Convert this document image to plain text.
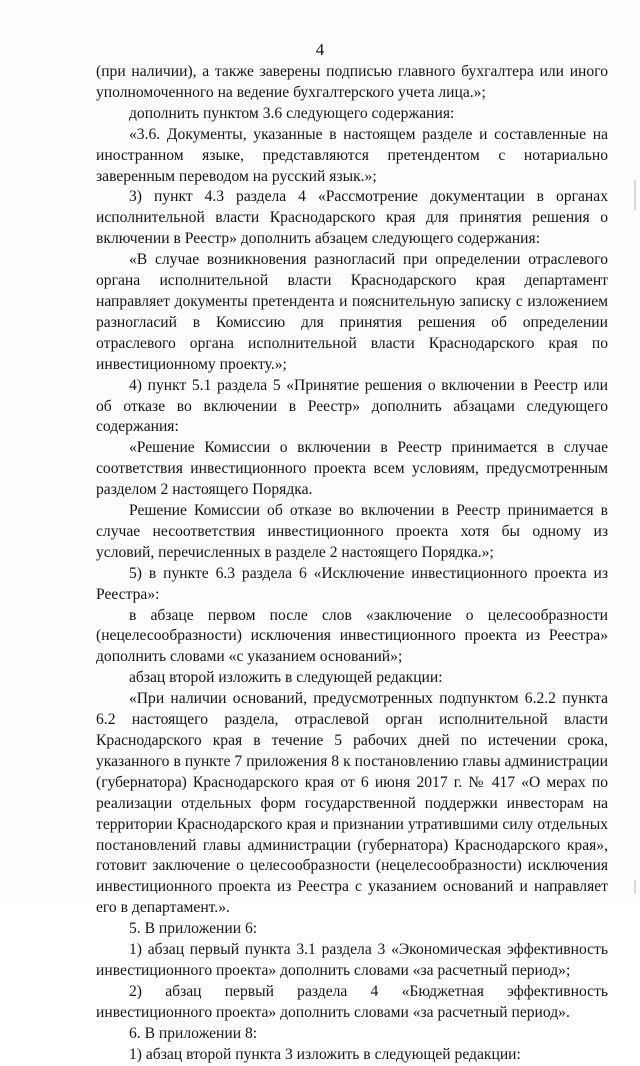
4

(при наличии), а также заверены подписью главного бухгалтера или иного уполномоченного на ведение бухгалтерского учета лица.»;

дополнить пунктом 3.6 следующего содержания:

«3.6. Документы, указанные в настоящем разделе и составленные на иностранном языке, представляются претендентом с нотариально заверенным переводом на русский язык.»;

3) пункт 4.3 раздела 4 «Рассмотрение документации в органах исполнительной власти Краснодарского края для принятия решения о включении в Реестр» дополнить абзацем следующего содержания:

«В случае возникновения разногласий при определении отраслевого органа исполнительной власти Краснодарского края департамент направляет документы претендента и пояснительную записку с изложением разногласий в Комиссию для принятия решения об определении отраслевого органа исполнительной власти Краснодарского края по инвестиционному проекту.»;

4) пункт 5.1 раздела 5 «Принятие решения о включении в Реестр или об отказе во включении в Реестр» дополнить абзацами следующего содержания:

«Решение Комиссии о включении в Реестр принимается в случае соответствия инвестиционного проекта всем условиям, предусмотренным разделом 2 настоящего Порядка.

Решение Комиссии об отказе во включении в Реестр принимается в случае несоответствия инвестиционного проекта хотя бы одному из условий, перечисленных в разделе 2 настоящего Порядка.»;

5) в пункте 6.3 раздела 6 «Исключение инвестиционного проекта из Реестра»:

в абзаце первом после слов «заключение о целесообразности (нецелесообразности) исключения инвестиционного проекта из Реестра» дополнить словами «с указанием оснований»;

абзац второй изложить в следующей редакции:

«При наличии оснований, предусмотренных подпунктом 6.2.2 пункта 6.2 настоящего раздела, отраслевой орган исполнительной власти Краснодарского края в течение 5 рабочих дней по истечении срока, указанного в пункте 7 приложения 8 к постановлению главы администрации (губернатора) Краснодарского края от 6 июня 2017 г. № 417 «О мерах по реализации отдельных форм государственной поддержки инвесторам на территории Краснодарского края и признании утратившими силу отдельных постановлений главы администрации (губернатора) Краснодарского края», готовит заключение о целесообразности (нецелесообразности) исключения инвестиционного проекта из Реестра с указанием оснований и направляет его в департамент.».

5. В приложении 6:

1) абзац первый пункта 3.1 раздела 3 «Экономическая эффективность инвестиционного проекта» дополнить словами «за расчетный период»;

2) абзац первый раздела 4 «Бюджетная эффективность инвестиционного проекта» дополнить словами «за расчетный период».

6. В приложении 8:

1) абзац второй пункта 3 изложить в следующей редакции:
